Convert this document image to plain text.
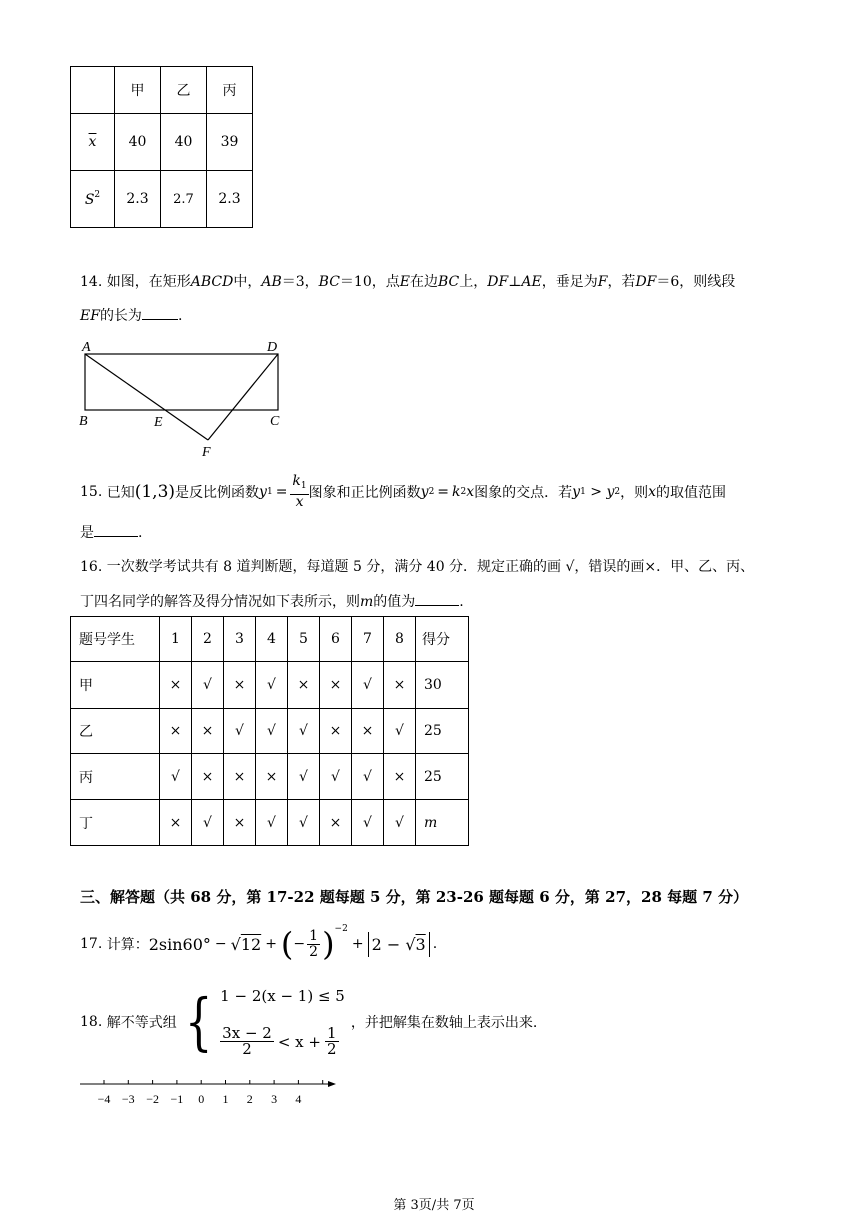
	甲	乙	丙
$\overline{x}$	40	40	39
$S^2$	2.3	2.7	2.3
14. 如图，在矩形ABCD中，AB＝3，BC＝10，点E在边BC上，DF⊥AE，垂足为F，若DF＝6，则线段
EF的长为	.
A	D
B	E	C
F
15.
已知 (1,3) 是反比例函数 y $1 = \frac{k_1}{x}$ 图象和正比例函数 y 2 = k 2 x 图象的交点．若 y 1 > y 2 ，则 x 的取值范围
是	.
16. 一次数学考试共有 8 道判断题，每道题 5 分，满分 40 分．规定正确的画 √，错误的画×．甲、乙、丙、
丁四名同学的解答及得分情况如下表所示，则m的值为	.
题号学生	1	2	3	4	5	6	7	8	得分
甲	×	√	×	√	×	×	√	×	30
乙	×	×	√	√	√	×	×	√	25
丙	√	×	×	×	√	√	√	×	25
丁	×	√	×	√	√	×	√	√	m
三、解答题（共 68 分，第 17-22 题每题 5 分，第 23-26 题每题 6 分，第 27，28 每题 7 分）
17.
计算： 2sin60° − √12 + ( − $\frac{1}{2}$ ) −2
+ 2 − √3 .
18.
解不等式组 { 1 − 2(x − 1) ≤ 5
$\frac{3x - 2}{2} < x + \frac{1}{2}$
，并把解集在数轴上表示出来.
−4 −3 −2 −1 0 1 2 3 4
第 3页/共 7页
